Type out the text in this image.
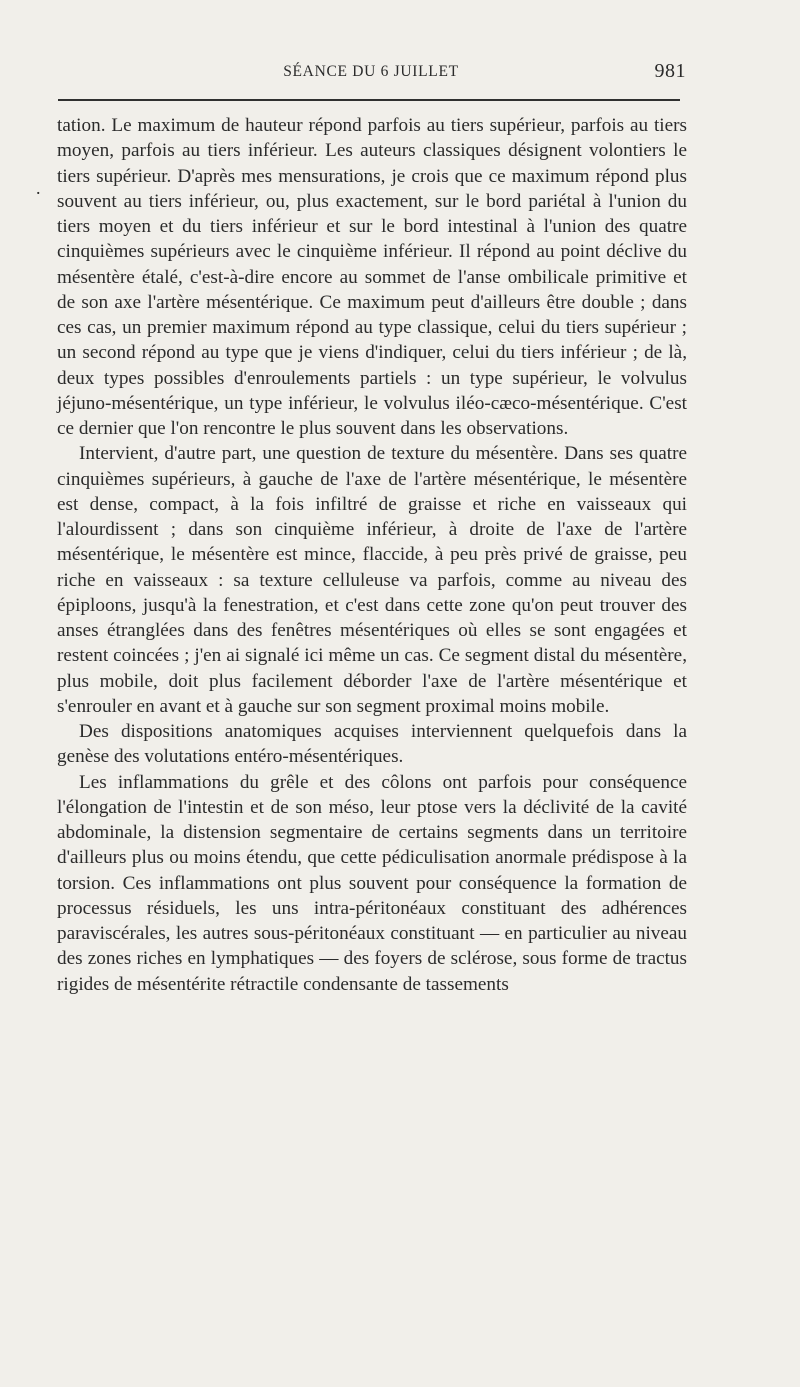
SÉANCE DU 6 JUILLET	981
.

tation. Le maximum de hauteur répond parfois au tiers supérieur, parfois au tiers moyen, parfois au tiers inférieur. Les auteurs classiques désignent volontiers le tiers supérieur. D'après mes mensurations, je crois que ce maximum répond plus souvent au tiers inférieur, ou, plus exactement, sur le bord pariétal à l'union du tiers moyen et du tiers inférieur et sur le bord intestinal à l'union des quatre cinquièmes supérieurs avec le cinquième inférieur. Il répond au point déclive du mésentère étalé, c'est-à-dire encore au sommet de l'anse ombilicale primitive et de son axe l'artère mésentérique. Ce maximum peut d'ailleurs être double ; dans ces cas, un premier maximum répond au type classique, celui du tiers supérieur ; un second répond au type que je viens d'indiquer, celui du tiers inférieur ; de là, deux types possibles d'enroulements partiels : un type supérieur, le volvulus jéjuno-mésentérique, un type inférieur, le volvulus iléo-cæco-mésentérique. C'est ce dernier que l'on rencontre le plus souvent dans les observations.

Intervient, d'autre part, une question de texture du mésentère. Dans ses quatre cinquièmes supérieurs, à gauche de l'axe de l'artère mésentérique, le mésentère est dense, compact, à la fois infiltré de graisse et riche en vaisseaux qui l'alourdissent ; dans son cinquième inférieur, à droite de l'axe de l'artère mésentérique, le mésentère est mince, flaccide, à peu près privé de graisse, peu riche en vaisseaux : sa texture celluleuse va parfois, comme au niveau des épiploons, jusqu'à la fenestration, et c'est dans cette zone qu'on peut trouver des anses étranglées dans des fenêtres mésentériques où elles se sont engagées et restent coincées ; j'en ai signalé ici même un cas. Ce segment distal du mésentère, plus mobile, doit plus facilement déborder l'axe de l'artère mésentérique et s'enrouler en avant et à gauche sur son segment proximal moins mobile.

Des dispositions anatomiques acquises interviennent quelquefois dans la genèse des volutations entéro-mésentériques.

Les inflammations du grêle et des côlons ont parfois pour conséquence l'élongation de l'intestin et de son méso, leur ptose vers la déclivité de la cavité abdominale, la distension segmentaire de certains segments dans un territoire d'ailleurs plus ou moins étendu, que cette pédiculisation anormale prédispose à la torsion. Ces inflammations ont plus souvent pour conséquence la formation de processus résiduels, les uns intra-péritonéaux constituant des adhérences paraviscérales, les autres sous-péritonéaux constituant — en particulier au niveau des zones riches en lymphatiques — des foyers de sclérose, sous forme de tractus rigides de mésentérite rétractile condensante de tassements
